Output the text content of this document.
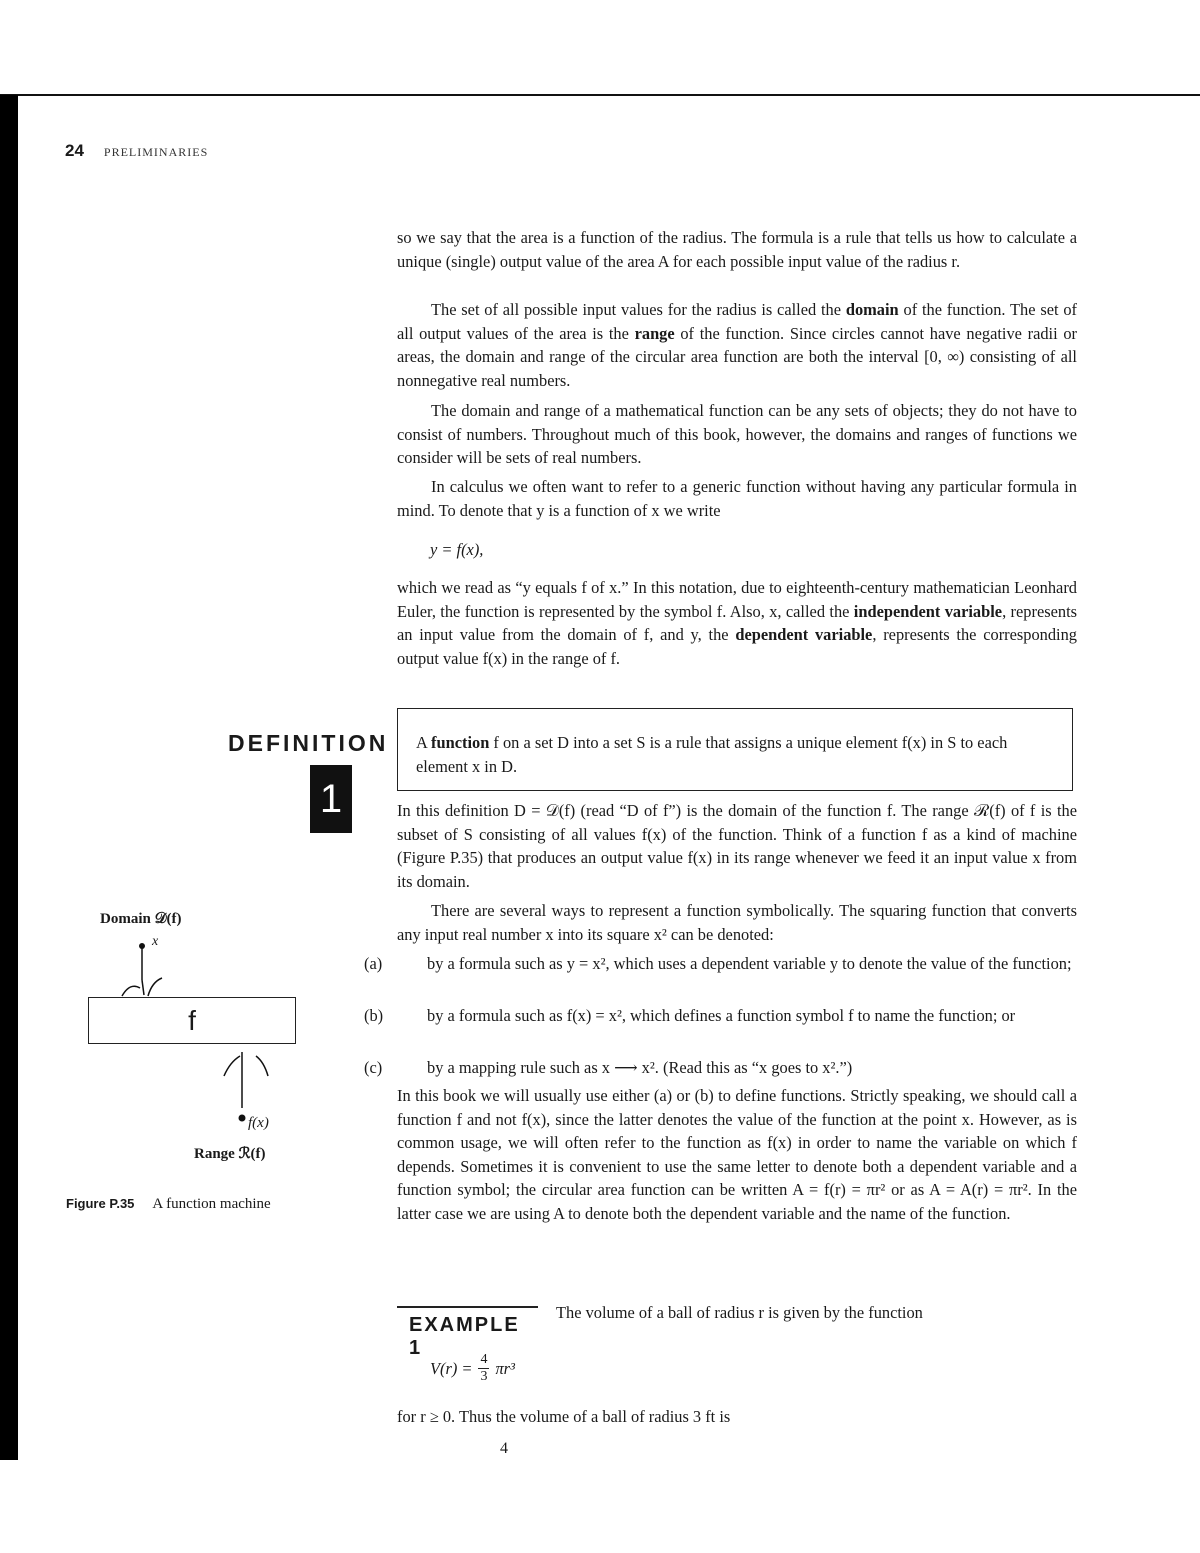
24 PRELIMINARIES
so we say that the area is a function of the radius. The formula is a rule that tells us how to calculate a unique (single) output value of the area A for each possible input value of the radius r.
The set of all possible input values for the radius is called the domain of the function. The set of all output values of the area is the range of the function. Since circles cannot have negative radii or areas, the domain and range of the circular area function are both the interval [0, ∞) consisting of all nonnegative real numbers.
The domain and range of a mathematical function can be any sets of objects; they do not have to consist of numbers. Throughout much of this book, however, the domains and ranges of functions we consider will be sets of real numbers.
In calculus we often want to refer to a generic function without having any particular formula in mind. To denote that y is a function of x we write
y = f(x),
which we read as “y equals f of x.” In this notation, due to eighteenth-century mathematician Leonhard Euler, the function is represented by the symbol f. Also, x, called the independent variable, represents an input value from the domain of f, and y, the dependent variable, represents the corresponding output value f(x) in the range of f.
DEFINITION
1
A function f on a set D into a set S is a rule that assigns a unique element f(x) in S to each element x in D.
In this definition D = 𝒟(f) (read “D of f”) is the domain of the function f. The range ℛ(f) of f is the subset of S consisting of all values f(x) of the function. Think of a function f as a kind of machine (Figure P.35) that produces an output value f(x) in its range whenever we feed it an input value x from its domain.
There are several ways to represent a function symbolically. The squaring function that converts any input real number x into its square x² can be denoted:
(a)	by a formula such as y = x², which uses a dependent variable y to denote the value of the function;
(b)	by a formula such as f(x) = x², which defines a function symbol f to name the function; or
(c)	by a mapping rule such as x ⟶ x². (Read this as “x goes to x².”)
In this book we will usually use either (a) or (b) to define functions. Strictly speaking, we should call a function f and not f(x), since the latter denotes the value of the function at the point x. However, as is common usage, we will often refer to the function as f(x) in order to name the variable on which f depends. Sometimes it is convenient to use the same letter to denote both a dependent variable and a function symbol; the circular area function can be written A = f(r) = πr² or as A = A(r) = πr². In the latter case we are using A to denote both the dependent variable and the name of the function.
EXAMPLE 1
The volume of a ball of radius r is given by the function
$V(r) = \frac{4}{3} \pi r^3$
for r ≥ 0. Thus the volume of a ball of radius 3 ft is
4
Domain 𝒟(f)
x
f
f(x)
Range ℛ(f)
Figure P.35 A function machine
